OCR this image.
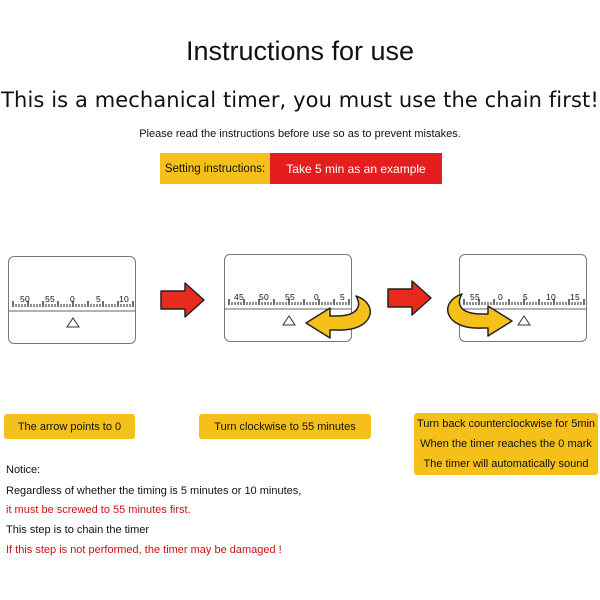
Instructions for use
This is a mechanical timer, you must use the chain first!
Please read the instructions before use so as to prevent mistakes.
Setting instructions:	Take 5 min as an example
50 55 0 5 10	45 50 55 0 5	55 0 5 10 15
The arrow points to 0	Turn clockwise to 55 minutes	Turn back counterclockwise for 5min
When the timer reaches the 0 mark
The timer will automatically sound
Notice:
Regardless of whether the timing is 5 minutes or 10 minutes,
it must be screwed to 55 minutes first.
This step is to chain the timer
If this step is not performed, the timer may be damaged !
